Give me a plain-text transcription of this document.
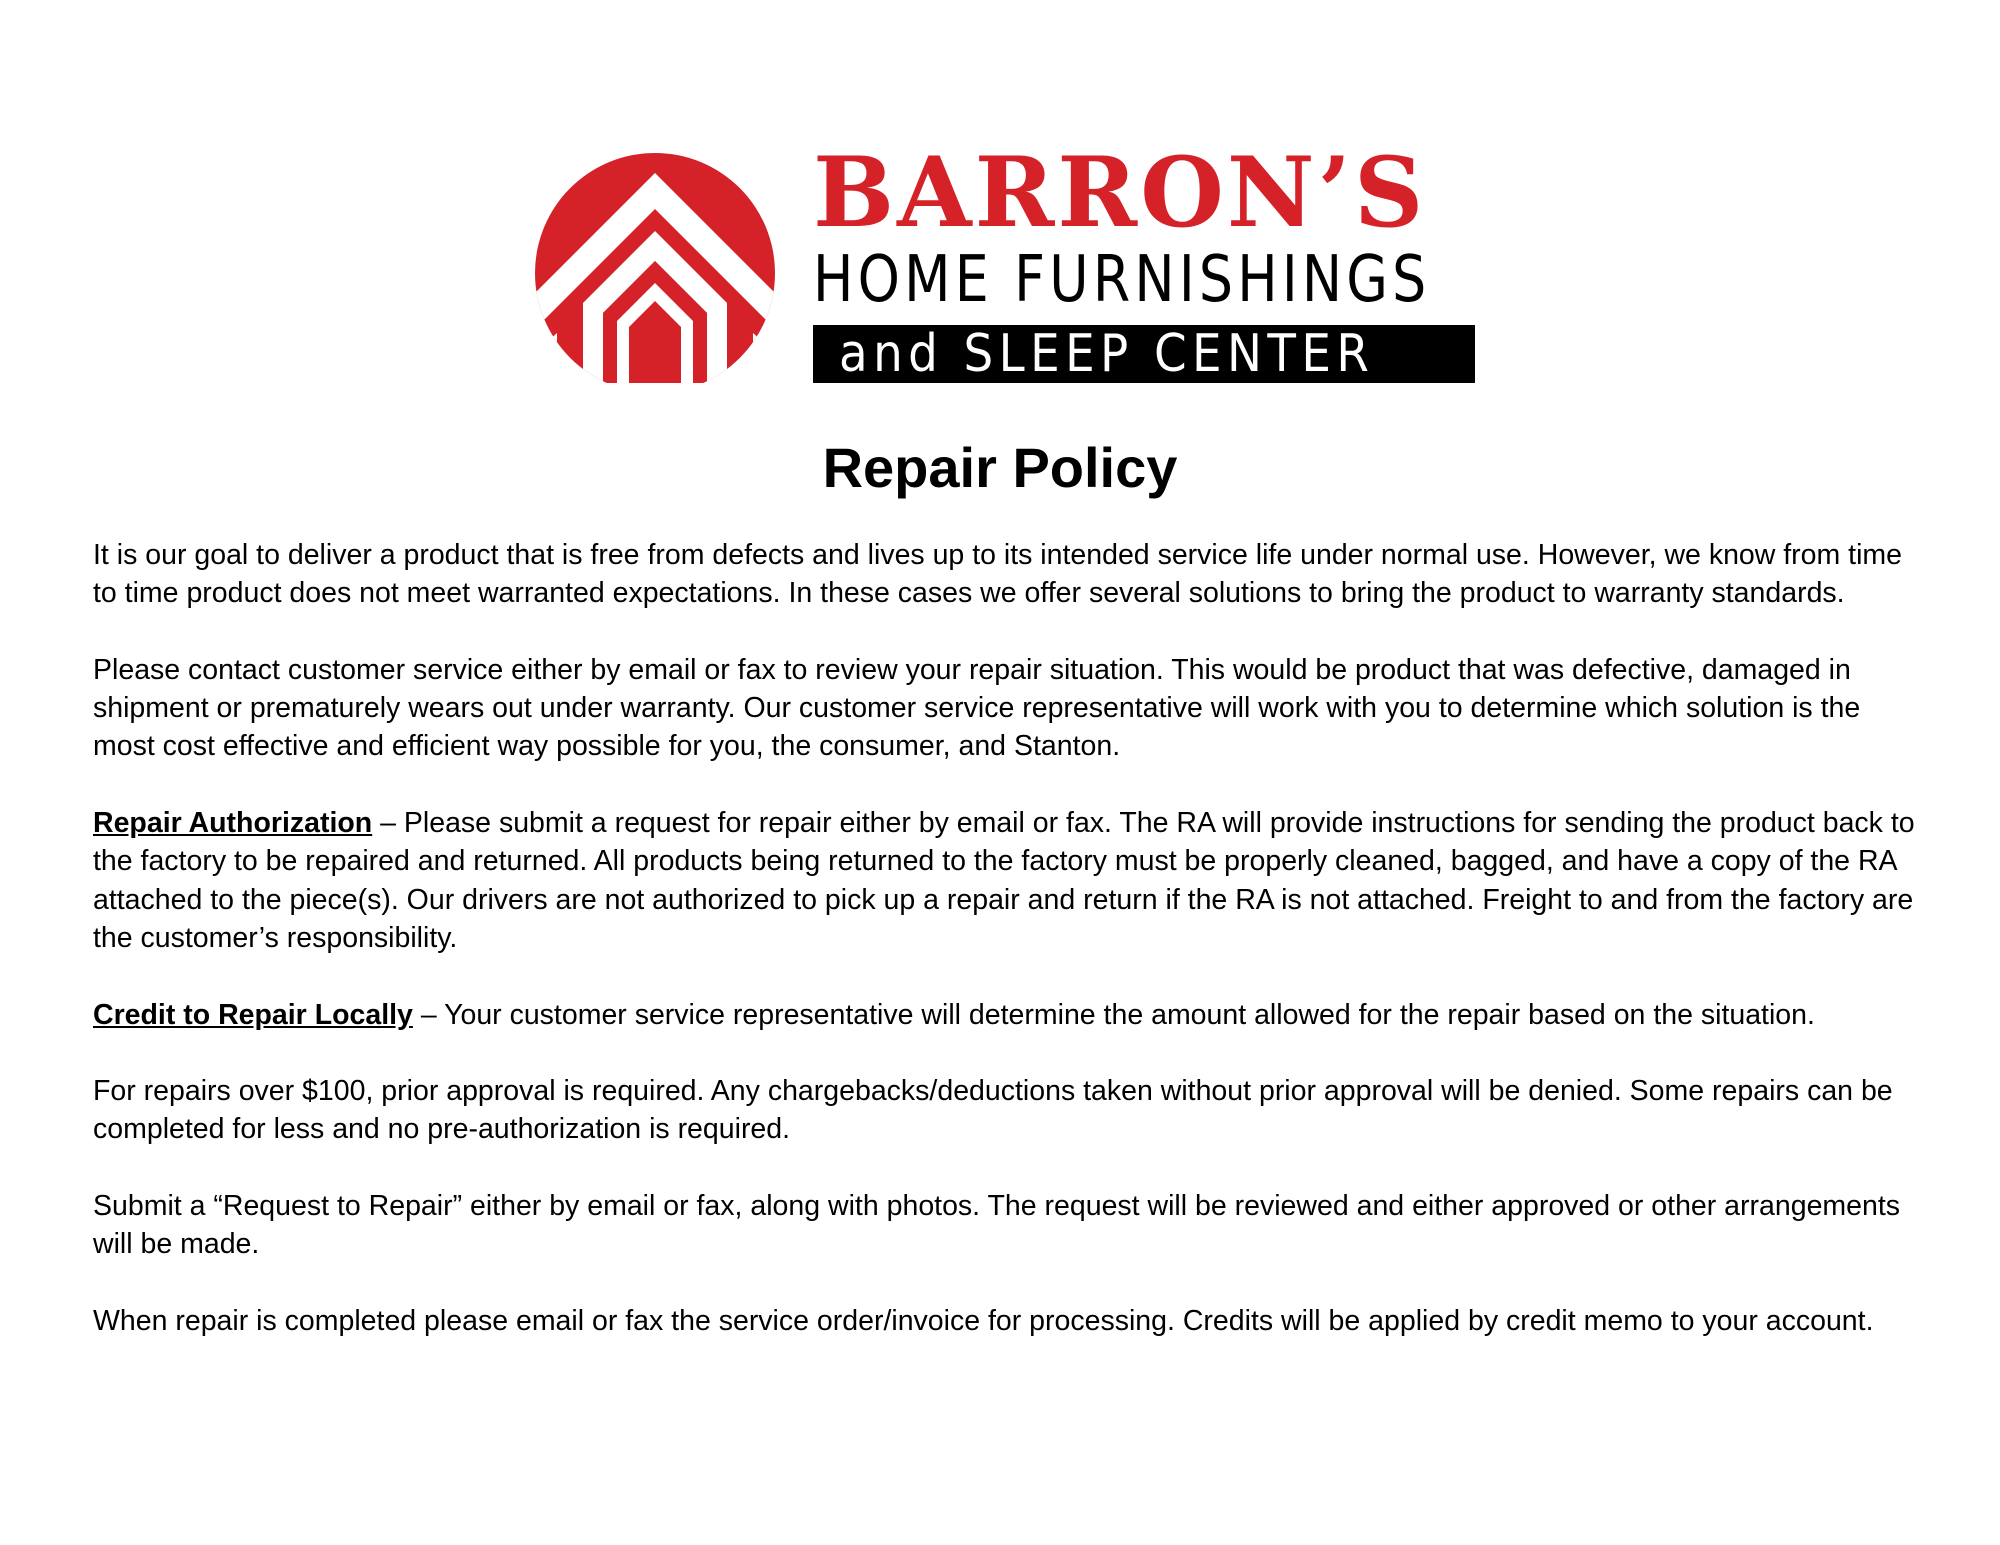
BARRON’S
HOME FURNISHINGS
and SLEEP CENTER
Repair Policy

It is our goal to deliver a product that is free from defects and lives up to its intended service life under normal use. However, we know from time to time product does not meet warranted expectations. In these cases we offer several solutions to bring the product to warranty standards.

Please contact customer service either by email or fax to review your repair situation. This would be product that was defective, damaged in shipment or prematurely wears out under warranty. Our customer service representative will work with you to determine which solution is the most cost effective and efficient way possible for you, the consumer, and Stanton.

Repair Authorization – Please submit a request for repair either by email or fax. The RA will provide instructions for sending the product back to the factory to be repaired and returned. All products being returned to the factory must be properly cleaned, bagged, and have a copy of the RA attached to the piece(s). Our drivers are not authorized to pick up a repair and return if the RA is not attached. Freight to and from the factory are the customer’s responsibility.

Credit to Repair Locally – Your customer service representative will determine the amount allowed for the repair based on the situation.

For repairs over $100, prior approval is required. Any chargebacks/deductions taken without prior approval will be denied. Some repairs can be completed for less and no pre-authorization is required.

Submit a “Request to Repair” either by email or fax, along with photos. The request will be reviewed and either approved or other arrangements will be made.

When repair is completed please email or fax the service order/invoice for processing. Credits will be applied by credit memo to your account.
